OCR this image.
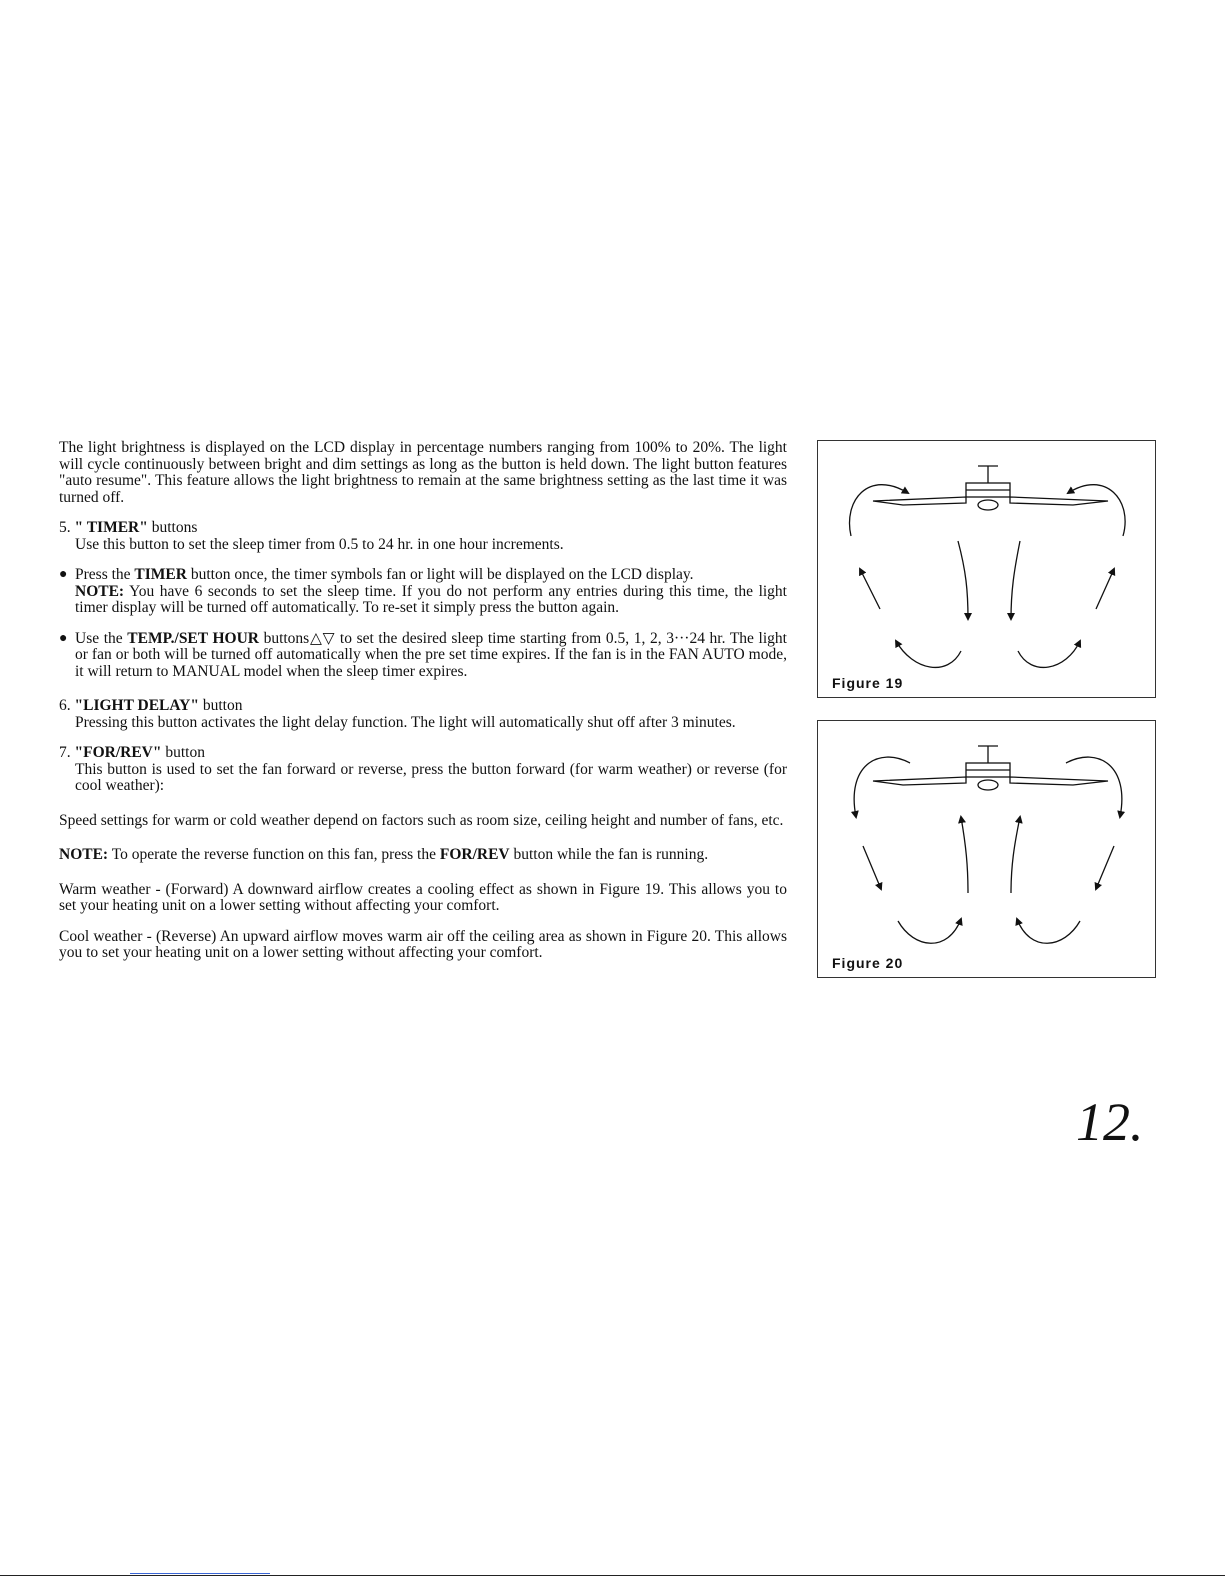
The light brightness is displayed on the LCD display in percentage numbers ranging from 100% to 20%. The light will cycle continuously between bright and dim settings as long as the button is held down. The light button features "auto resume". This feature allows the light brightness to remain at the same brightness setting as the last time it was turned off.

5. " TIMER" buttons

Use this button to set the sleep timer from 0.5 to 24 hr. in one hour increments.

● Press the TIMER button once, the timer symbols fan or light will be displayed on the LCD display.

NOTE: You have 6 seconds to set the sleep time. If you do not perform any entries during this time, the light timer display will be turned off automatically. To re-set it simply press the button again.

● Use the TEMP./SET HOUR buttons△▽ to set the desired sleep time starting from 0.5, 1, 2, 3···24 hr. The light or fan or both will be turned off automatically when the pre set time expires. If the fan is in the FAN AUTO mode, it will return to MANUAL model when the sleep timer expires.

6. "LIGHT DELAY" button

Pressing this button activates the light delay function. The light will automatically shut off after 3 minutes.

7. "FOR/REV" button

This button is used to set the fan forward or reverse, press the button forward (for warm weather) or reverse (for cool weather):

Speed settings for warm or cold weather depend on factors such as room size, ceiling height and number of fans, etc.

NOTE: To operate the reverse function on this fan, press the FOR/REV button while the fan is running.

Warm weather - (Forward) A downward airflow creates a cooling effect as shown in Figure 19. This allows you to set your heating unit on a lower setting without affecting your comfort.

Cool weather - (Reverse) An upward airflow moves warm air off the ceiling area as shown in Figure 20. This allows you to set your heating unit on a lower setting without affecting your comfort.

Figure 19
Figure 20
12.
